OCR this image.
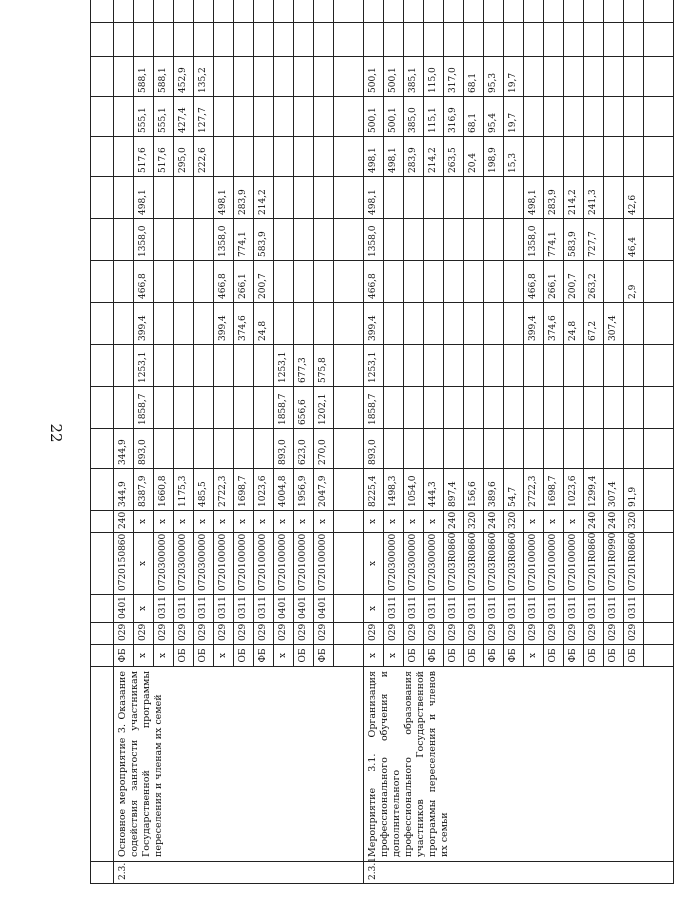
22

2.3.	Основное мероприятие 3. Оказание содействия занятости участникам Государственной программы переселения и членам их семей	ФБ	029	0401	0720150860	240	344,9	344,9												
		x	029	x	x	x	8387,9	893,0	1858,7	1253,1	399,4	466,8	1358,0	498,1	517,6	555,1	588,1			
		x	029	0311	0720300000	x	1660,8								517,6	555,1	588,1			
		ОБ	029	0311	0720300000	x	1175,3								295,0	427,4	452,9			
		ОБ	029	0311	0720300000	x	485,5								222,6	127,7	135,2			
		x	029	0311	0720100000	x	2722,3				399,4	466,8	1358,0	498,1						
		ОБ	029	0311	0720100000	x	1698,7				374,6	266,1	774,1	283,9						
		ФБ	029	0311	0720100000	x	1023,6				24,8	200,7	583,9	214,2						
		x	029	0401	0720100000	x	4004,8	893,0	1858,7	1253,1										
		ОБ	029	0401	0720100000	x	1956,9	623,0	656,6	677,3										
		ФБ	029	0401	0720100000	x	2047,9	270,0	1202,1	575,8										

2.3.1.	Мероприятие 3.1. Организация профессионального обучения и дополнительного профессионального образования участников Государственной программы переселения и членов их семьи	x	029	x	x	x	8225,4	893,0	1858,7	1253,1	399,4	466,8	1358,0	498,1	498,1	500,1	500,1			
		x	029	0311	0720300000	x	1498,3								498,1	500,1	500,1			
		ОБ	029	0311	0720300000	x	1054,0								283,9	385,0	385,1			
		ФБ	029	0311	0720300000	x	444,3								214,2	115,1	115,0			
		ОБ	029	0311	07203R0860	240	897,4								263,5	316,9	317,0			
		ОБ	029	0311	07203R0860	320	156,6								20,4	68,1	68,1			
		ФБ	029	0311	07203R0860	240	389,6								198,9	95,4	95,3			
		ФБ	029	0311	07203R0860	320	54,7								15,3	19,7	19,7			
		x	029	0311	0720100000	x	2722,3				399,4	466,8	1358,0	498,1						
		ОБ	029	0311	0720100000	x	1698,7				374,6	266,1	774,1	283,9						
		ФБ	029	0311	0720100000	x	1023,6				24,8	200,7	583,9	214,2						
		ОБ	029	0311	07201R0860	240	1299,4				67,2	263,2	727,7	241,3						
		ОБ	029	0311	07201R0990	240	307,4				307,4									
		ОБ	029	0311	07201R0860	320	91,9					2,9	46,4	42,6						
